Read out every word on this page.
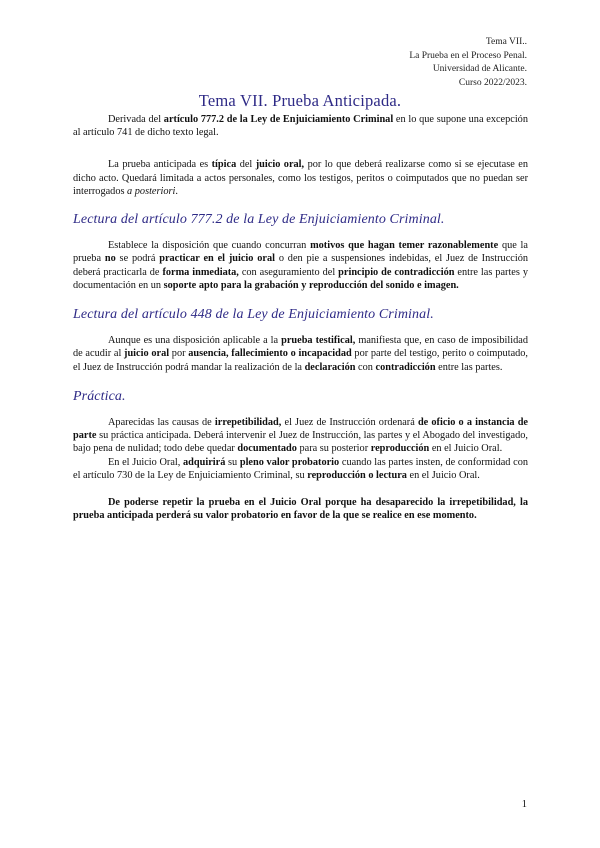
Tema VII..
La Prueba en el Proceso Penal.
Universidad de Alicante.
Curso 2022/2023.
Tema VII. Prueba Anticipada.

Derivada del artículo 777.2 de la Ley de Enjuiciamiento Criminal en lo que supone una excepción al artículo 741 de dicho texto legal.

La prueba anticipada es típica del juicio oral, por lo que deberá realizarse como si se ejecutase en dicho acto. Quedará limitada a actos personales, como los testigos, peritos o coimputados que no puedan ser interrogados a posteriori.

Lectura del artículo 777.2 de la Ley de Enjuiciamiento Criminal.

Establece la disposición que cuando concurran motivos que hagan temer razonablemente que la prueba no se podrá practicar en el juicio oral o den pie a suspensiones indebidas, el Juez de Instrucción deberá practicarla de forma inmediata, con aseguramiento del principio de contradicción entre las partes y documentación en un soporte apto para la grabación y reproducción del sonido e imagen.

Lectura del artículo 448 de la Ley de Enjuiciamiento Criminal.

Aunque es una disposición aplicable a la prueba testifical, manifiesta que, en caso de imposibilidad de acudir al juicio oral por ausencia, fallecimiento o incapacidad por parte del testigo, perito o coimputado, el Juez de Instrucción podrá mandar la realización de la declaración con contradicción entre las partes.

Práctica.

Aparecidas las causas de irrepetibilidad, el Juez de Instrucción ordenará de oficio o a instancia de parte su práctica anticipada. Deberá intervenir el Juez de Instrucción, las partes y el Abogado del investigado, bajo pena de nulidad; todo debe quedar documentado para su posterior reproducción en el Juicio Oral.

En el Juicio Oral, adquirirá su pleno valor probatorio cuando las partes insten, de conformidad con el artículo 730 de la Ley de Enjuiciamiento Criminal, su reproducción o lectura en el Juicio Oral.

De poderse repetir la prueba en el Juicio Oral porque ha desaparecido la irrepetibilidad, la prueba anticipada perderá su valor probatorio en favor de la que se realice en ese momento.

1
